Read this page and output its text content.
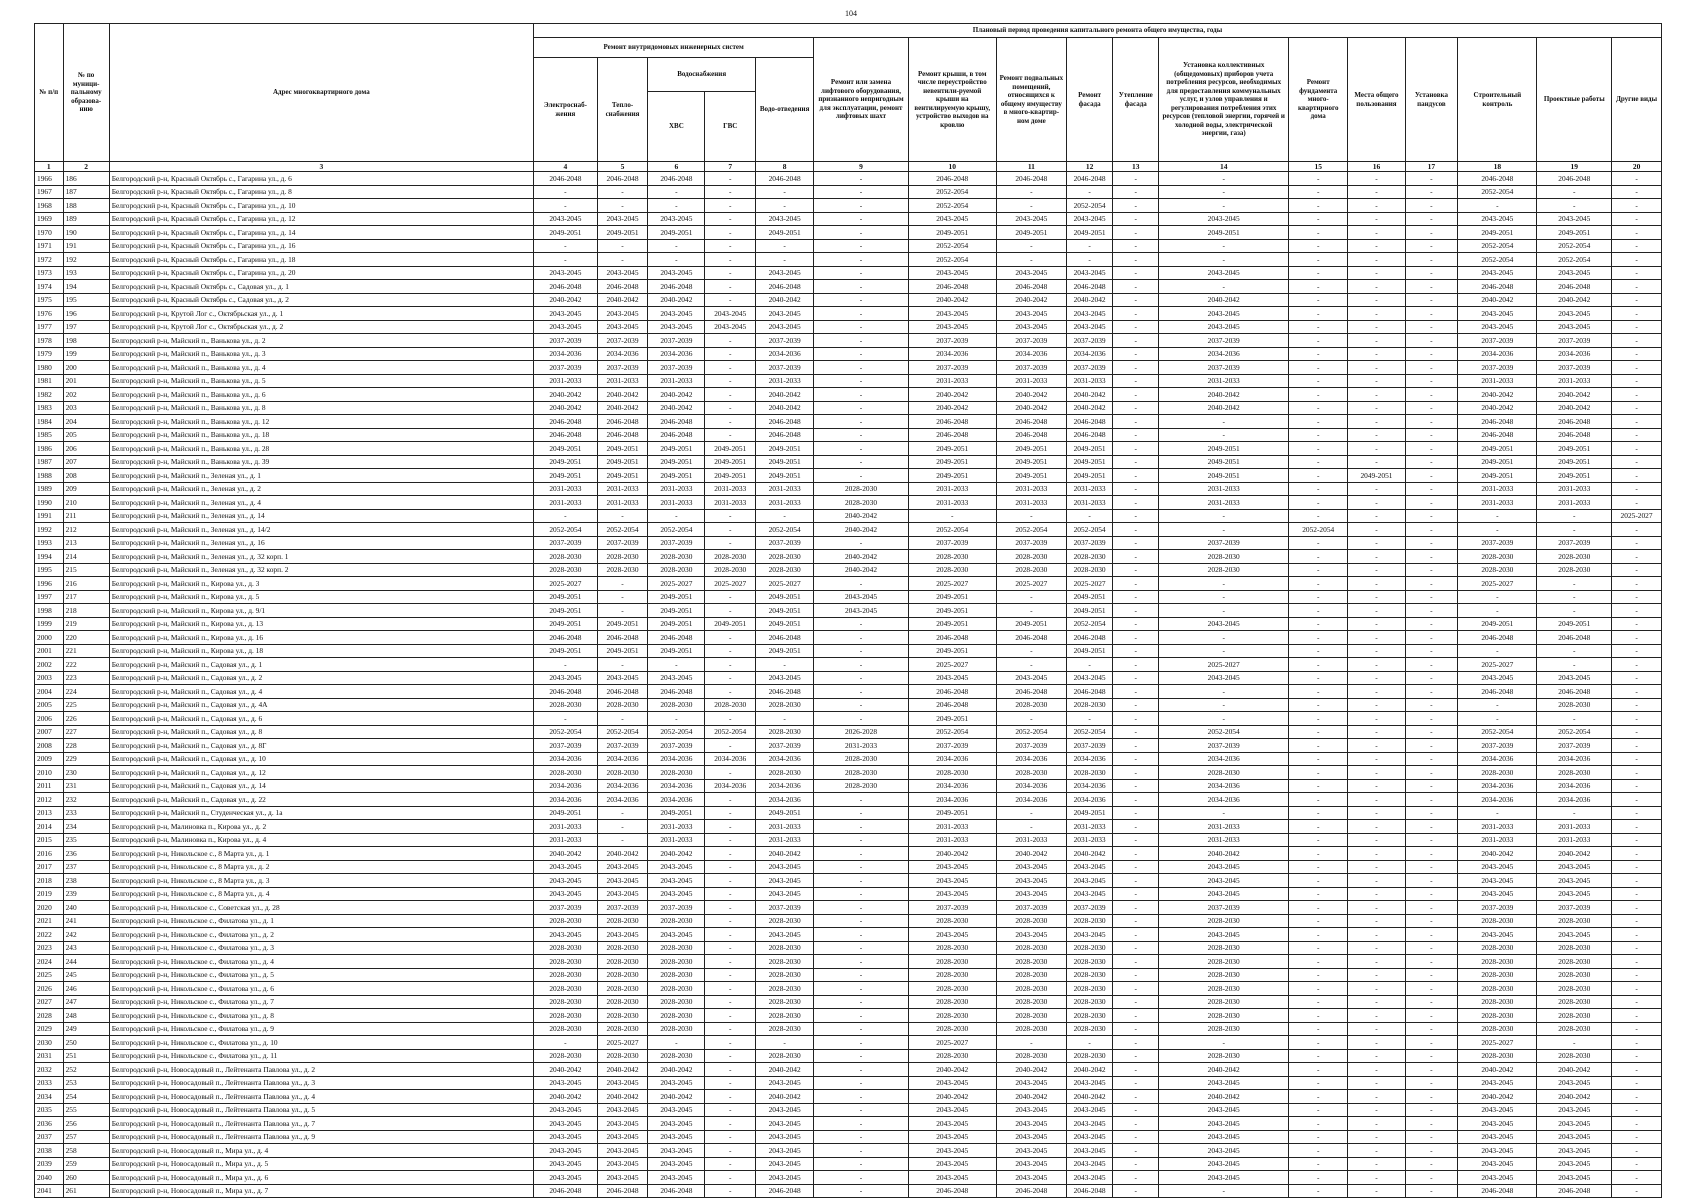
104
№ п/п	№ по муници-пальному образова-нию	Адрес многоквартирного дома	Плановый период проведения капитального ремонта общего имущества, годы																
			Ремонт внутридомовых инженерных систем					Ремонт или замена лифтового оборудования, признанного непригодным для эксплуатации, ремонт лифтовых шахт	Ремонт крыши, в том числе переустройство невентили-руемой крыши на вентилируемую крышу, устройство выходов на кровлю	Ремонт подвальных помещений, относящихся к общему имуществу в много-квартир-ном доме	Ремонт фасада	Утепление фасада	Установка коллективных (общедомовых) приборов учета потребления ресурсов, необходимых для предоставления коммунальных услуг, и узлов управления и регулирования потребления этих ресурсов (тепловой энергии, горячей и холодной воды, электрической энергии, газа)	Ремонт фундамента много-квартирного дома	Места общего пользования	Установка пандусов	Строительный контроль	Проектные работы	Другие виды
			Электроснаб-жения	Тепло-снабжения	Водоснабжения		Водо-отведения												
					ХВС	ГВС													
1	2	3	4	5	6	7	8	9	10	11	12	13	14	15	16	17	18	19	20
1966	186	Белгородский р-н, Красный Октябрь с., Гагарина ул., д. 6	2046-2048	2046-2048	2046-2048	-	2046-2048	-	2046-2048	2046-2048	2046-2048	-	-	-	-	-	2046-2048	2046-2048	-
1967	187	Белгородский р-н, Красный Октябрь с., Гагарина ул., д. 8	-	-	-	-	-	-	2052-2054	-	-	-	-	-	-	-	2052-2054	-	-
1968	188	Белгородский р-н, Красный Октябрь с., Гагарина ул., д. 10	-	-	-	-	-	-	2052-2054	-	2052-2054	-	-	-	-	-	-	-	-
1969	189	Белгородский р-н, Красный Октябрь с., Гагарина ул., д. 12	2043-2045	2043-2045	2043-2045	-	2043-2045	-	2043-2045	2043-2045	2043-2045	-	2043-2045	-	-	-	2043-2045	2043-2045	-
1970	190	Белгородский р-н, Красный Октябрь с., Гагарина ул., д. 14	2049-2051	2049-2051	2049-2051	-	2049-2051	-	2049-2051	2049-2051	2049-2051	-	2049-2051	-	-	-	2049-2051	2049-2051	-
1971	191	Белгородский р-н, Красный Октябрь с., Гагарина ул., д. 16	-	-	-	-	-	-	2052-2054	-	-	-	-	-	-	-	2052-2054	2052-2054	-
1972	192	Белгородский р-н, Красный Октябрь с., Гагарина ул., д. 18	-	-	-	-	-	-	2052-2054	-	-	-	-	-	-	-	2052-2054	2052-2054	-
1973	193	Белгородский р-н, Красный Октябрь с., Гагарина ул., д. 20	2043-2045	2043-2045	2043-2045	-	2043-2045	-	2043-2045	2043-2045	2043-2045	-	2043-2045	-	-	-	2043-2045	2043-2045	-
1974	194	Белгородский р-н, Красный Октябрь с., Садовая ул., д. 1	2046-2048	2046-2048	2046-2048	-	2046-2048	-	2046-2048	2046-2048	2046-2048	-	-	-	-	-	2046-2048	2046-2048	-
1975	195	Белгородский р-н, Красный Октябрь с., Садовая ул., д. 2	2040-2042	2040-2042	2040-2042	-	2040-2042	-	2040-2042	2040-2042	2040-2042	-	2040-2042	-	-	-	2040-2042	2040-2042	-
1976	196	Белгородский р-н, Крутой Лог с., Октябрьская ул., д. 1	2043-2045	2043-2045	2043-2045	2043-2045	2043-2045	-	2043-2045	2043-2045	2043-2045	-	2043-2045	-	-	-	2043-2045	2043-2045	-
1977	197	Белгородский р-н, Крутой Лог с., Октябрьская ул., д. 2	2043-2045	2043-2045	2043-2045	2043-2045	2043-2045	-	2043-2045	2043-2045	2043-2045	-	2043-2045	-	-	-	2043-2045	2043-2045	-
1978	198	Белгородский р-н, Майский п., Ванькова ул., д. 2	2037-2039	2037-2039	2037-2039	-	2037-2039	-	2037-2039	2037-2039	2037-2039	-	2037-2039	-	-	-	2037-2039	2037-2039	-
1979	199	Белгородский р-н, Майский п., Ванькова ул., д. 3	2034-2036	2034-2036	2034-2036	-	2034-2036	-	2034-2036	2034-2036	2034-2036	-	2034-2036	-	-	-	2034-2036	2034-2036	-
1980	200	Белгородский р-н, Майский п., Ванькова ул., д. 4	2037-2039	2037-2039	2037-2039	-	2037-2039	-	2037-2039	2037-2039	2037-2039	-	2037-2039	-	-	-	2037-2039	2037-2039	-
1981	201	Белгородский р-н, Майский п., Ванькова ул., д. 5	2031-2033	2031-2033	2031-2033	-	2031-2033	-	2031-2033	2031-2033	2031-2033	-	2031-2033	-	-	-	2031-2033	2031-2033	-
1982	202	Белгородский р-н, Майский п., Ванькова ул., д. 6	2040-2042	2040-2042	2040-2042	-	2040-2042	-	2040-2042	2040-2042	2040-2042	-	2040-2042	-	-	-	2040-2042	2040-2042	-
1983	203	Белгородский р-н, Майский п., Ванькова ул., д. 8	2040-2042	2040-2042	2040-2042	-	2040-2042	-	2040-2042	2040-2042	2040-2042	-	2040-2042	-	-	-	2040-2042	2040-2042	-
1984	204	Белгородский р-н, Майский п., Ванькова ул., д. 12	2046-2048	2046-2048	2046-2048	-	2046-2048	-	2046-2048	2046-2048	2046-2048	-	-	-	-	-	2046-2048	2046-2048	-
1985	205	Белгородский р-н, Майский п., Ванькова ул., д. 18	2046-2048	2046-2048	2046-2048	-	2046-2048	-	2046-2048	2046-2048	2046-2048	-	-	-	-	-	2046-2048	2046-2048	-
1986	206	Белгородский р-н, Майский п., Ванькова ул., д. 28	2049-2051	2049-2051	2049-2051	2049-2051	2049-2051	-	2049-2051	2049-2051	2049-2051	-	2049-2051	-	-	-	2049-2051	2049-2051	-
1987	207	Белгородский р-н, Майский п., Ванькова ул., д. 39	2049-2051	2049-2051	2049-2051	2049-2051	2049-2051	-	2049-2051	2049-2051	2049-2051	-	2049-2051	-	-	-	2049-2051	2049-2051	-
1988	208	Белгородский р-н, Майский п., Зеленая ул., д. 1	2049-2051	2049-2051	2049-2051	2049-2051	2049-2051	-	2049-2051	2049-2051	2049-2051	-	2049-2051	-	2049-2051	-	2049-2051	2049-2051	-
1989	209	Белгородский р-н, Майский п., Зеленая ул., д. 2	2031-2033	2031-2033	2031-2033	2031-2033	2031-2033	2028-2030	2031-2033	2031-2033	2031-2033	-	2031-2033	-	-	-	2031-2033	2031-2033	-
1990	210	Белгородский р-н, Майский п., Зеленая ул., д. 4	2031-2033	2031-2033	2031-2033	2031-2033	2031-2033	2028-2030	2031-2033	2031-2033	2031-2033	-	2031-2033	-	-	-	2031-2033	2031-2033	-
1991	211	Белгородский р-н, Майский п., Зеленая ул., д. 14	-	-	-	-	-	2040-2042	-	-	-	-	-	-	-	-	-	-	2025-2027
1992	212	Белгородский р-н, Майский п., Зеленая ул., д. 14/2	2052-2054	2052-2054	2052-2054	-	2052-2054	2040-2042	2052-2054	2052-2054	2052-2054	-	-	2052-2054	-	-	-	-	-
1993	213	Белгородский р-н, Майский п., Зеленая ул., д. 16	2037-2039	2037-2039	2037-2039	-	2037-2039	-	2037-2039	2037-2039	2037-2039	-	2037-2039	-	-	-	2037-2039	2037-2039	-
1994	214	Белгородский р-н, Майский п., Зеленая ул., д. 32 корп. 1	2028-2030	2028-2030	2028-2030	2028-2030	2028-2030	2040-2042	2028-2030	2028-2030	2028-2030	-	2028-2030	-	-	-	2028-2030	2028-2030	-
1995	215	Белгородский р-н, Майский п., Зеленая ул., д. 32 корп. 2	2028-2030	2028-2030	2028-2030	2028-2030	2028-2030	2040-2042	2028-2030	2028-2030	2028-2030	-	2028-2030	-	-	-	2028-2030	2028-2030	-
1996	216	Белгородский р-н, Майский п., Кирова ул., д. 3	2025-2027	-	2025-2027	2025-2027	2025-2027	-	2025-2027	2025-2027	2025-2027	-	-	-	-	-	2025-2027	-	-
1997	217	Белгородский р-н, Майский п., Кирова ул., д. 5	2049-2051	-	2049-2051	-	2049-2051	2043-2045	2049-2051	-	2049-2051	-	-	-	-	-	-	-	-
1998	218	Белгородский р-н, Майский п., Кирова ул., д. 9/1	2049-2051	-	2049-2051	-	2049-2051	2043-2045	2049-2051	-	2049-2051	-	-	-	-	-	-	-	-
1999	219	Белгородский р-н, Майский п., Кирова ул., д. 13	2049-2051	2049-2051	2049-2051	2049-2051	2049-2051	-	2049-2051	2049-2051	2052-2054	-	2043-2045	-	-	-	2049-2051	2049-2051	-
2000	220	Белгородский р-н, Майский п., Кирова ул., д. 16	2046-2048	2046-2048	2046-2048	-	2046-2048	-	2046-2048	2046-2048	2046-2048	-	-	-	-	-	2046-2048	2046-2048	-
2001	221	Белгородский р-н, Майский п., Кирова ул., д. 18	2049-2051	2049-2051	2049-2051	-	2049-2051	-	2049-2051	-	2049-2051	-	-	-	-	-	-	-	-
2002	222	Белгородский р-н, Майский п., Садовая ул., д. 1	-	-	-	-	-	-	2025-2027	-	-	-	2025-2027	-	-	-	2025-2027	-	-
2003	223	Белгородский р-н, Майский п., Садовая ул., д. 2	2043-2045	2043-2045	2043-2045	-	2043-2045	-	2043-2045	2043-2045	2043-2045	-	2043-2045	-	-	-	2043-2045	2043-2045	-
2004	224	Белгородский р-н, Майский п., Садовая ул., д. 4	2046-2048	2046-2048	2046-2048	-	2046-2048	-	2046-2048	2046-2048	2046-2048	-	-	-	-	-	2046-2048	2046-2048	-
2005	225	Белгородский р-н, Майский п., Садовая ул., д. 4А	2028-2030	2028-2030	2028-2030	2028-2030	2028-2030	-	2046-2048	2028-2030	2028-2030	-	-	-	-	-	-	2028-2030	-
2006	226	Белгородский р-н, Майский п., Садовая ул., д. 6	-	-	-	-	-	-	2049-2051	-	-	-	-	-	-	-	-	-	-
2007	227	Белгородский р-н, Майский п., Садовая ул., д. 8	2052-2054	2052-2054	2052-2054	2052-2054	2028-2030	2026-2028	2052-2054	2052-2054	2052-2054	-	2052-2054	-	-	-	2052-2054	2052-2054	-
2008	228	Белгородский р-н, Майский п., Садовая ул., д. 8Г	2037-2039	2037-2039	2037-2039	-	2037-2039	2031-2033	2037-2039	2037-2039	2037-2039	-	2037-2039	-	-	-	2037-2039	2037-2039	-
2009	229	Белгородский р-н, Майский п., Садовая ул., д. 10	2034-2036	2034-2036	2034-2036	2034-2036	2034-2036	2028-2030	2034-2036	2034-2036	2034-2036	-	2034-2036	-	-	-	2034-2036	2034-2036	-
2010	230	Белгородский р-н, Майский п., Садовая ул., д. 12	2028-2030	2028-2030	2028-2030	-	2028-2030	2028-2030	2028-2030	2028-2030	2028-2030	-	2028-2030	-	-	-	2028-2030	2028-2030	-
2011	231	Белгородский р-н, Майский п., Садовая ул., д. 14	2034-2036	2034-2036	2034-2036	2034-2036	2034-2036	2028-2030	2034-2036	2034-2036	2034-2036	-	2034-2036	-	-	-	2034-2036	2034-2036	-
2012	232	Белгородский р-н, Майский п., Садовая ул., д. 22	2034-2036	2034-2036	2034-2036	-	2034-2036	-	2034-2036	2034-2036	2034-2036	-	2034-2036	-	-	-	2034-2036	2034-2036	-
2013	233	Белгородский р-н, Майский п., Студенческая ул., д. 1а	2049-2051	-	2049-2051	-	2049-2051	-	2049-2051	-	2049-2051	-	-	-	-	-	-	-	-
2014	234	Белгородский р-н, Малиновка п., Кирова ул., д. 2	2031-2033	-	2031-2033	-	2031-2033	-	2031-2033	-	2031-2033	-	2031-2033	-	-	-	2031-2033	2031-2033	-
2015	235	Белгородский р-н, Малиновка п., Кирова ул., д. 4	2031-2033	-	2031-2033	-	2031-2033	-	2031-2033	2031-2033	2031-2033	-	2031-2033	-	-	-	2031-2033	2031-2033	-
2016	236	Белгородский р-н, Никольское с., 8 Марта ул., д. 1	2040-2042	2040-2042	2040-2042	-	2040-2042	-	2040-2042	2040-2042	2040-2042	-	2040-2042	-	-	-	2040-2042	2040-2042	-
2017	237	Белгородский р-н, Никольское с., 8 Марта ул., д. 2	2043-2045	2043-2045	2043-2045	-	2043-2045	-	2043-2045	2043-2045	2043-2045	-	2043-2045	-	-	-	2043-2045	2043-2045	-
2018	238	Белгородский р-н, Никольское с., 8 Марта ул., д. 3	2043-2045	2043-2045	2043-2045	-	2043-2045	-	2043-2045	2043-2045	2043-2045	-	2043-2045	-	-	-	2043-2045	2043-2045	-
2019	239	Белгородский р-н, Никольское с., 8 Марта ул., д. 4	2043-2045	2043-2045	2043-2045	-	2043-2045	-	2043-2045	2043-2045	2043-2045	-	2043-2045	-	-	-	2043-2045	2043-2045	-
2020	240	Белгородский р-н, Никольское с., Советская ул., д. 28	2037-2039	2037-2039	2037-2039	-	2037-2039	-	2037-2039	2037-2039	2037-2039	-	2037-2039	-	-	-	2037-2039	2037-2039	-
2021	241	Белгородский р-н, Никольское с., Филатова ул., д. 1	2028-2030	2028-2030	2028-2030	-	2028-2030	-	2028-2030	2028-2030	2028-2030	-	2028-2030	-	-	-	2028-2030	2028-2030	-
2022	242	Белгородский р-н, Никольское с., Филатова ул., д. 2	2043-2045	2043-2045	2043-2045	-	2043-2045	-	2043-2045	2043-2045	2043-2045	-	2043-2045	-	-	-	2043-2045	2043-2045	-
2023	243	Белгородский р-н, Никольское с., Филатова ул., д. 3	2028-2030	2028-2030	2028-2030	-	2028-2030	-	2028-2030	2028-2030	2028-2030	-	2028-2030	-	-	-	2028-2030	2028-2030	-
2024	244	Белгородский р-н, Никольское с., Филатова ул., д. 4	2028-2030	2028-2030	2028-2030	-	2028-2030	-	2028-2030	2028-2030	2028-2030	-	2028-2030	-	-	-	2028-2030	2028-2030	-
2025	245	Белгородский р-н, Никольское с., Филатова ул., д. 5	2028-2030	2028-2030	2028-2030	-	2028-2030	-	2028-2030	2028-2030	2028-2030	-	2028-2030	-	-	-	2028-2030	2028-2030	-
2026	246	Белгородский р-н, Никольское с., Филатова ул., д. 6	2028-2030	2028-2030	2028-2030	-	2028-2030	-	2028-2030	2028-2030	2028-2030	-	2028-2030	-	-	-	2028-2030	2028-2030	-
2027	247	Белгородский р-н, Никольское с., Филатова ул., д. 7	2028-2030	2028-2030	2028-2030	-	2028-2030	-	2028-2030	2028-2030	2028-2030	-	2028-2030	-	-	-	2028-2030	2028-2030	-
2028	248	Белгородский р-н, Никольское с., Филатова ул., д. 8	2028-2030	2028-2030	2028-2030	-	2028-2030	-	2028-2030	2028-2030	2028-2030	-	2028-2030	-	-	-	2028-2030	2028-2030	-
2029	249	Белгородский р-н, Никольское с., Филатова ул., д. 9	2028-2030	2028-2030	2028-2030	-	2028-2030	-	2028-2030	2028-2030	2028-2030	-	2028-2030	-	-	-	2028-2030	2028-2030	-
2030	250	Белгородский р-н, Никольское с., Филатова ул., д. 10	-	2025-2027	-	-	-	-	2025-2027	-	-	-	-	-	-	-	2025-2027	-	-
2031	251	Белгородский р-н, Никольское с., Филатова ул., д. 11	2028-2030	2028-2030	2028-2030	-	2028-2030	-	2028-2030	2028-2030	2028-2030	-	2028-2030	-	-	-	2028-2030	2028-2030	-
2032	252	Белгородский р-н, Новосадовый п., Лейтенанта Павлова ул., д. 2	2040-2042	2040-2042	2040-2042	-	2040-2042	-	2040-2042	2040-2042	2040-2042	-	2040-2042	-	-	-	2040-2042	2040-2042	-
2033	253	Белгородский р-н, Новосадовый п., Лейтенанта Павлова ул., д. 3	2043-2045	2043-2045	2043-2045	-	2043-2045	-	2043-2045	2043-2045	2043-2045	-	2043-2045	-	-	-	2043-2045	2043-2045	-
2034	254	Белгородский р-н, Новосадовый п., Лейтенанта Павлова ул., д. 4	2040-2042	2040-2042	2040-2042	-	2040-2042	-	2040-2042	2040-2042	2040-2042	-	2040-2042	-	-	-	2040-2042	2040-2042	-
2035	255	Белгородский р-н, Новосадовый п., Лейтенанта Павлова ул., д. 5	2043-2045	2043-2045	2043-2045	-	2043-2045	-	2043-2045	2043-2045	2043-2045	-	2043-2045	-	-	-	2043-2045	2043-2045	-
2036	256	Белгородский р-н, Новосадовый п., Лейтенанта Павлова ул., д. 7	2043-2045	2043-2045	2043-2045	-	2043-2045	-	2043-2045	2043-2045	2043-2045	-	2043-2045	-	-	-	2043-2045	2043-2045	-
2037	257	Белгородский р-н, Новосадовый п., Лейтенанта Павлова ул., д. 9	2043-2045	2043-2045	2043-2045	-	2043-2045	-	2043-2045	2043-2045	2043-2045	-	2043-2045	-	-	-	2043-2045	2043-2045	-
2038	258	Белгородский р-н, Новосадовый п., Мира ул., д. 4	2043-2045	2043-2045	2043-2045	-	2043-2045	-	2043-2045	2043-2045	2043-2045	-	2043-2045	-	-	-	2043-2045	2043-2045	-
2039	259	Белгородский р-н, Новосадовый п., Мира ул., д. 5	2043-2045	2043-2045	2043-2045	-	2043-2045	-	2043-2045	2043-2045	2043-2045	-	2043-2045	-	-	-	2043-2045	2043-2045	-
2040	260	Белгородский р-н, Новосадовый п., Мира ул., д. 6	2043-2045	2043-2045	2043-2045	-	2043-2045	-	2043-2045	2043-2045	2043-2045	-	2043-2045	-	-	-	2043-2045	2043-2045	-
2041	261	Белгородский р-н, Новосадовый п., Мира ул., д. 7	2046-2048	2046-2048	2046-2048	-	2046-2048	-	2046-2048	2046-2048	2046-2048	-	-	-	-	-	2046-2048	2046-2048	-
